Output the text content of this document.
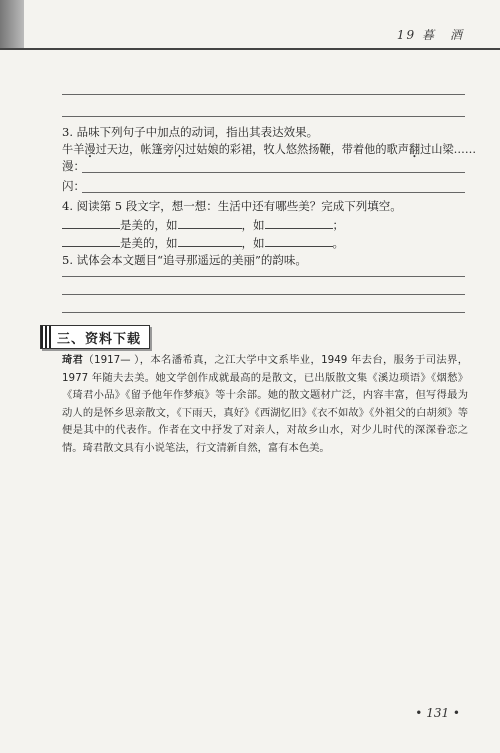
19 暮　酒
3. 品味下列句子中加点的动词，指出其表达效果。
牛羊漫过天边，帐篷旁闪过姑娘的彩裙，牧人悠然扬鞭，带着他的歌声翻过山梁……
漫：
闪：
4. 阅读第 5 段文字，想一想：生活中还有哪些美？完成下列填空。
是美的，如	，如	；
是美的，如	，如	。
5. 试体会本文题目“追寻那遥远的美丽”的韵味。
三、资料下载
琦君（1917— ），本名潘希真，之江大学中文系毕业，1949 年去台，服务于司法界，1977 年随夫去美。她文学创作成就最高的是散文，已出版散文集《溪边琐语》《烟愁》《琦君小品》《留予他年作梦痕》等十余部。她的散文题材广泛，内容丰富，但写得最为动人的是怀乡思亲散文，《下雨天，真好》《西湖忆旧》《衣不如故》《外祖父的白胡须》等便是其中的代表作。作者在文中抒发了对亲人，对故乡山水，对少儿时代的深深眷恋之情。琦君散文具有小说笔法，行文清新自然，富有本色美。
• 131 •
